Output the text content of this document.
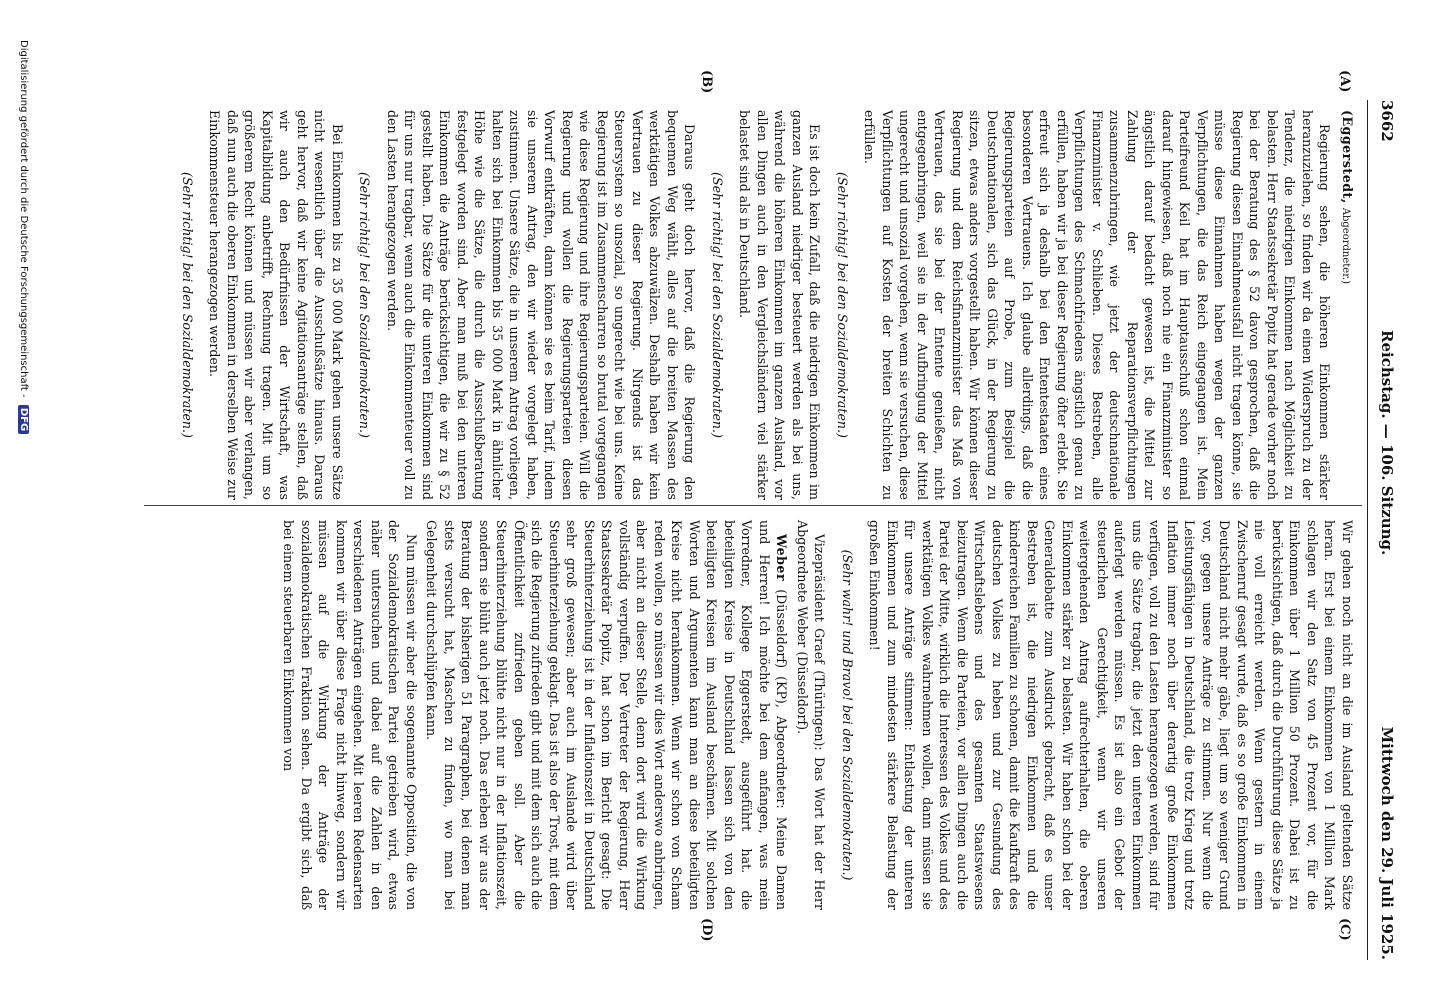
3662
Reichstag. — 106. Sitzung.
Mittwoch den 29. Juli 1925.
(A)
(B)
(C)
(D)

(Eggerstedt, Abgeordneter.)

Regierung sehen, die höheren Einkommen stärker heranzuziehen, so finden wir da einen Widerspruch zu der Tendenz, die niedrigen Einkommen nach Möglichkeit zu belasten. Herr Staatssekretär Popitz hat gerade vorher noch bei der Beratung des § 52 davon gesprochen, daß die Regierung diesen Einnahmeausfall nicht tragen könne, sie müsse diese Einnahmen haben wegen der ganzen Verpflichtungen, die das Reich eingegangen ist. Mein Parteifreund Keil hat im Hauptausschuß schon einmal darauf hingewiesen, daß noch nie ein Finanzminister so ängstlich darauf bedacht gewesen ist, die Mittel zur Zahlung der Reparationsverpflichtungen zusammenzubringen, wie jetzt der deutschnationale Finanzminister v. Schlieben. Dieses Bestreben, alle Verpflichtungen des Schmachfriedens ängstlich genau zu erfüllen, haben wir ja bei dieser Regierung öfter erlebt. Sie erfreut sich ja deshalb bei den Ententestaaten eines besonderen Vertrauens. Ich glaube allerdings, daß die Regierungsparteien auf Probe, zum Beispiel die Deutschnationalen, sich das Glück, in der Regierung zu sitzen, etwas anders vorgestellt haben. Wir können dieser Regierung und dem Reichsfinanzminister das Maß von Vertrauen, das sie bei der Entente genießen, nicht entgegenbringen, weil sie in der Aufbringung der Mittel ungerecht und unsozial vorgehen, wenn sie versuchen, diese Verpflichtungen auf Kosten der breiten Schichten zu erfüllen.

(Sehr richtig! bei den Sozialdemokraten.)

Es ist doch kein Zufall, daß die niedrigen Einkommen im ganzen Ausland niedriger besteuert werden als bei uns, während die höheren Einkommen im ganzen Ausland, vor allen Dingen auch in den Vergleichsländern viel stärker belastet sind als in Deutschland.

(Sehr richtig! bei den Sozialdemokraten.)

Daraus geht doch hervor, daß die Regierung den bequemen Weg wählt, alles auf die breiten Massen des werktätigen Volkes abzuwälzen. Deshalb haben wir kein Vertrauen zu dieser Regierung. Nirgends ist das Steuersystem so unsozial, so ungerecht wie bei uns. Keine Regierung ist im Zusammenscharren so brutal vorgegangen wie diese Regierung und ihre Regierungsparteien. Will die Regierung und wollen die Regierungsparteien diesen Vorwurf entkräften, dann können sie es beim Tarif, indem sie unserem Antrag, den wir wieder vorgelegt haben, zustimmen. Unsere Sätze, die in unserem Antrag vorliegen, halten sich bei Einkommen bis 35 000 Mark in ähnlicher Höhe wie die Sätze, die durch die Ausschußberatung festgelegt worden sind. Aber man muß bei den unteren Einkommen die Anträge berücksichtigen, die wir zu § 52 gestellt haben. Die Sätze für die unteren Einkommen sind für uns nur tragbar, wenn auch die Einkommenteuer voll zu den Lasten herangezogen werden.

(Sehr richtig! bei den Sozialdemokraten.)

Bei Einkommen bis zu 35 000 Mark gehen unsere Sätze nicht wesentlich über die Ausschußsätze hinaus. Daraus geht hervor, daß wir keine Agitationsanträge stellen, daß wir auch den Bedürfnissen der Wirtschaft, was Kapitalbildung anbetrifft, Rechnung tragen. Mit um so größerem Recht können und müssen wir aber verlangen, daß nun auch die oberen Einkommen in derselben Weise zur Einkommensteuer herangezogen werden.

(Sehr richtig! bei den Sozialdemokraten.)

Wir gehen noch nicht an die im Ausland geltenden Sätze heran. Erst bei einem Einkommen von 1 Million Mark schlagen wir den Satz von 45 Prozent vor, für die Einkommen über 1 Million 50 Prozent. Dabei ist zu berücksichtigen, daß durch die Durchführung diese Sätze ja nie voll erreicht werden. Wenn gestern in einem Zwischenruf gesagt wurde, daß es so große Einkommen in Deutschland nicht mehr gäbe, liegt um so weniger Grund vor, gegen unsere Anträge zu stimmen. Nur wenn die Leistungsfähigen in Deutschland, die trotz Krieg und trotz Inflation immer noch über derartig große Einkommen verfügen, voll zu den Lasten herangezogen werden, sind für uns die Sätze tragbar, die jetzt den unteren Einkommen auferlegt werden müssen. Es ist also ein Gebot der steuerlichen Gerechtigkeit, wenn wir unseren weitergehenden Antrag aufrechterhalten, die oberen Einkommen stärker zu belasten. Wir haben schon bei der Generaldebatte zum Ausdruck gebracht, daß es unser Bestreben ist, die niedrigen Einkommen und die kinderreichen Familien zu schonen, damit die Kaufkraft des deutschen Volkes zu heben und zur Gesundung des Wirtschaftslebens und des gesamten Staatswesens beizutragen. Wenn die Parteien, vor allen Dingen auch die Partei der Mitte, wirklich die Interessen des Volkes und des werktätigen Volkes wahrnehmen wollen, dann müssen sie für unsere Anträge stimmen: Entlastung der unteren Einkommen und zum mindesten stärkere Belastung der großen Einkommen!

(Sehr wahr! und Bravo! bei den Sozialdemokraten.)

Vizepräsident Graef (Thüringen): Das Wort hat der Herr Abgeordnete Weber (Düsseldorf).

Weber (Düsseldorf) (KP), Abgeordneter: Meine Damen und Herren! Ich möchte bei dem anfangen, was mein Vorredner, Kollege Eggerstedt, ausgeführt hat. die beteiligten Kreise in Deutschland lassen sich von den beteiligten Kreisen im Ausland beschämen. Mit solchen Worten und Argumenten kann man an diese beteiligten Kreise nicht herankommen. Wenn wir schon von Scham reden wollen, so müssen wir dies Wort anderswo anbringen, aber nicht an dieser Stelle, denn dort wird die Wirkung vollständig verpuffen. Der Vertreter der Regierung, Herr Staatssekretär Popitz, hat schon im Bericht gesagt: Die Steuerhinterziehung ist in der Inflationszeit in Deutschland sehr groß gewesen; aber auch im Auslande wird über Steuerhinterziehung geklagt. Das ist also der Trost, mit dem sich die Regierung zufrieden gibt und mit dem sich auch die Öffentlichkeit zufrieden geben soll. Aber die Steuerhinterziehung blühte nicht nur in der Inflationszeit, sondern sie blüht auch jetzt noch. Das erleben wir aus der Beratung der bisherigen 51 Paragraphen, bei denen man stets versucht hat, Maschen zu finden, wo man bei Gelegenheit durchschlüpfen kann.

Nun müssen wir aber die sogenannte Opposition, die von der Sozialdemokratischen Partei getrieben wird, etwas näher untersuchen und dabei auf die Zahlen in den verschiedenen Anträgen eingehen. Mit leeren Redensarten kommen wir über diese Frage nicht hinweg, sondern wir müssen auf die Wirkung der Anträge der sozialdemokratischen Fraktion sehen. Da ergibt sich, daß bei einem steuerbaren Einkommen von

Digitalisierung gefördert durch die Deutsche Forschungsgemeinschaft - DFG
